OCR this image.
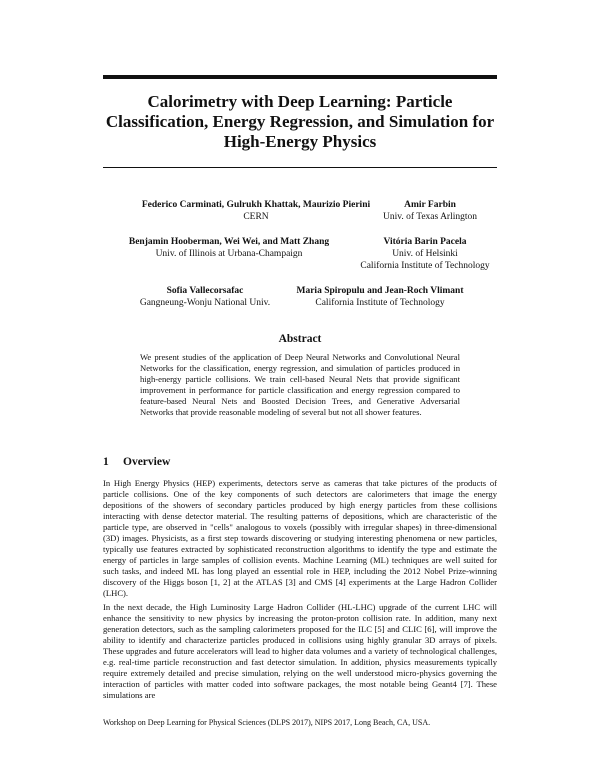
Calorimetry with Deep Learning: Particle Classification, Energy Regression, and Simulation for High-Energy Physics
Federico Carminati, Gulrukh Khattak, Maurizio Pierini
CERN
Amir Farbin
Univ. of Texas Arlington
Benjamin Hooberman, Wei Wei, and Matt Zhang
Univ. of Illinois at Urbana-Champaign
Vitória Barin Pacela
Univ. of Helsinki
California Institute of Technology
Sofia Vallecorsafac
Gangneung-Wonju National Univ.
Maria Spiropulu and Jean-Roch Vlimant
California Institute of Technology
Abstract
We present studies of the application of Deep Neural Networks and Convolutional Neural Networks for the classification, energy regression, and simulation of particles produced in high-energy particle collisions. We train cell-based Neural Nets that provide significant improvement in performance for particle classification and energy regression compared to feature-based Neural Nets and Boosted Decision Trees, and Generative Adversarial Networks that provide reasonable modeling of several but not all shower features.
1 Overview
In High Energy Physics (HEP) experiments, detectors serve as cameras that take pictures of the products of particle collisions. One of the key components of such detectors are calorimeters that image the energy depositions of the showers of secondary particles produced by high energy particles from these collisions interacting with dense detector material. The resulting patterns of depositions, which are characteristic of the particle type, are observed in "cells" analogous to voxels (possibly with irregular shapes) in three-dimensional (3D) images. Physicists, as a first step towards discovering or studying interesting phenomena or new particles, typically use features extracted by sophisticated reconstruction algorithms to identify the type and estimate the energy of particles in large samples of collision events. Machine Learning (ML) techniques are well suited for such tasks, and indeed ML has long played an essential role in HEP, including the 2012 Nobel Prize-winning discovery of the Higgs boson [1, 2] at the ATLAS [3] and CMS [4] experiments at the Large Hadron Collider (LHC).
In the next decade, the High Luminosity Large Hadron Collider (HL-LHC) upgrade of the current LHC will enhance the sensitivity to new physics by increasing the proton-proton collision rate. In addition, many next generation detectors, such as the sampling calorimeters proposed for the ILC [5] and CLIC [6], will improve the ability to identify and characterize particles produced in collisions using highly granular 3D arrays of pixels. These upgrades and future accelerators will lead to higher data volumes and a variety of technological challenges, e.g. real-time particle reconstruction and fast detector simulation. In addition, physics measurements typically require extremely detailed and precise simulation, relying on the well understood micro-physics governing the interaction of particles with matter coded into software packages, the most notable being Geant4 [7]. These simulations are
Workshop on Deep Learning for Physical Sciences (DLPS 2017), NIPS 2017, Long Beach, CA, USA.
